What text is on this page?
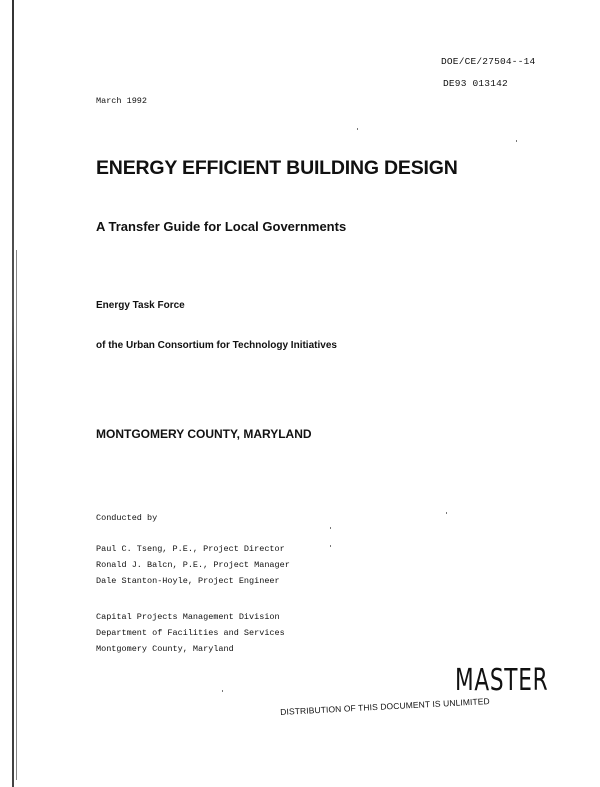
DOE/CE/27504--14
DE93 013142
March 1992
ENERGY EFFICIENT BUILDING DESIGN
A Transfer Guide for Local Governments
Energy Task Force
of the Urban Consortium for Technology Initiatives
MONTGOMERY COUNTY, MARYLAND
Conducted by
Paul C. Tseng, P.E., Project Director
Ronald J. Balcn, P.E., Project Manager
Dale Stanton-Hoyle, Project Engineer
Capital Projects Management Division
Department of Facilities and Services
Montgomery County, Maryland
MASTER
DISTRIBUTION OF THIS DOCUMENT IS UNLIMITED
